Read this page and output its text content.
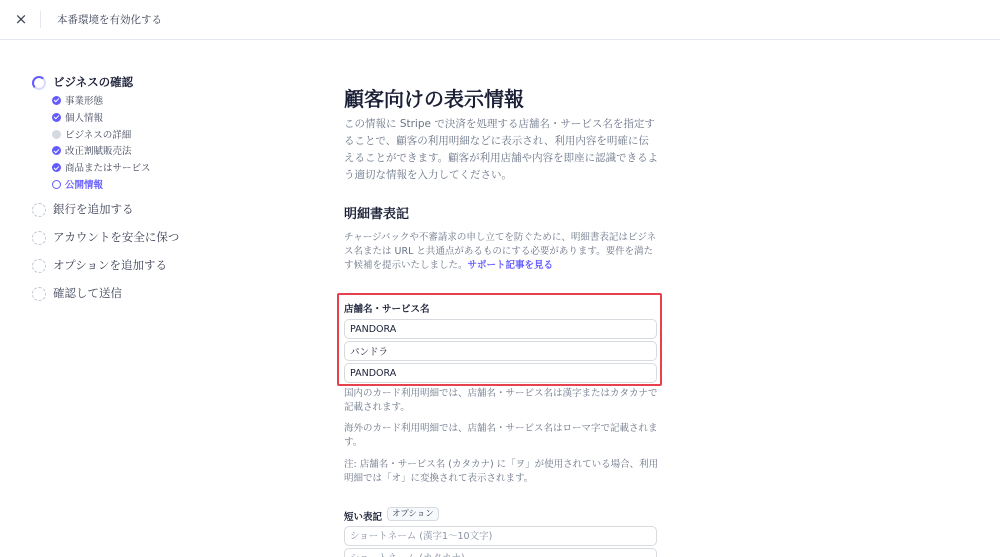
×	本番環境を有効化する
ビジネスの確認
事業形態
個人情報
ビジネスの詳細
改正割賦販売法
商品またはサービス
公開情報
銀行を追加する
アカウントを安全に保つ
オプションを追加する
確認して送信
顧客向けの表示情報
この情報に Stripe で決済を処理する店舗名・サービス名を指定することで、顧客の利用明細などに表示され、利用内容を明確に伝えることができます。顧客が利用店舗や内容を即座に認識できるよう適切な情報を入力してください。
明細書表記
チャージバックや不審請求の申し立てを防ぐために、明細書表記はビジネス名または URL と共通点があるものにする必要があります。要件を満たす候補を提示いたしました。サポート記事を見る
店舗名・サービス名
PANDORA
パンドラ
PANDORA
国内のカード利用明細では、店舗名・サービス名は漢字またはカタカナで記載されます。
海外のカード利用明細では、店舗名・サービス名はローマ字で記載されます。
注: 店舗名・サービス名 (カタカナ) に「ヲ」が使用されている場合、利用明細では「オ」に変換されて表示されます。
短い表記	オプション
ショートネーム (漢字1〜10文字)
ショートネーム (カタカナ)
